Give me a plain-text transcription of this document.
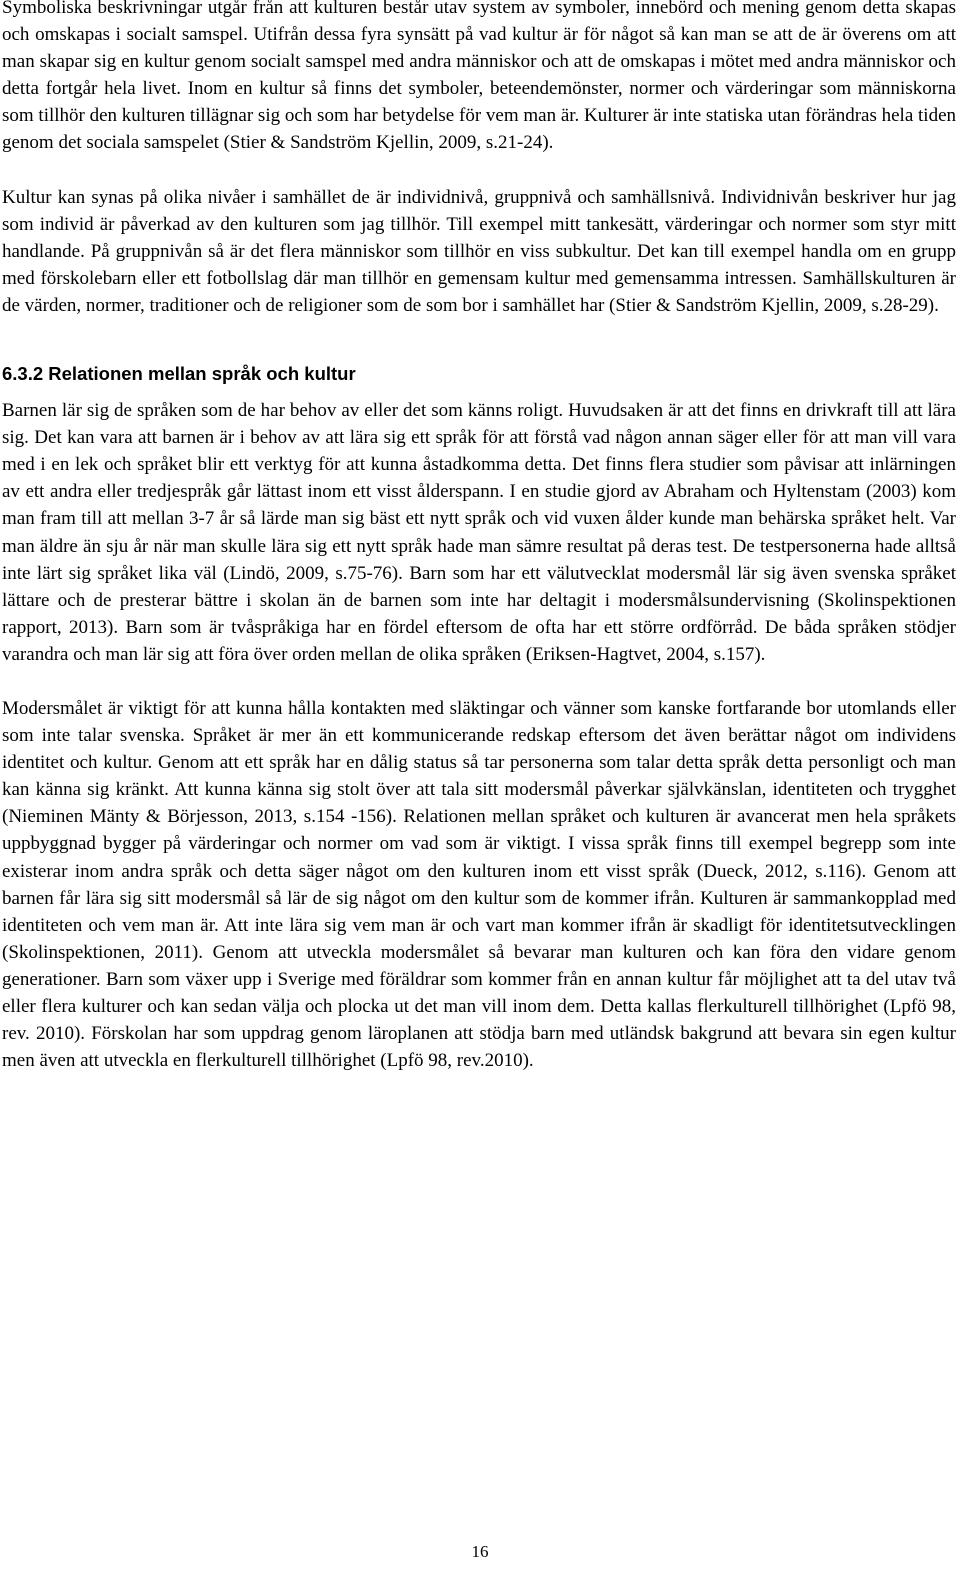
Symboliska beskrivningar utgår från att kulturen består utav system av symboler, innebörd och mening genom detta skapas och omskapas i socialt samspel. Utifrån dessa fyra synsätt på vad kultur är för något så kan man se att de är överens om att man skapar sig en kultur genom socialt samspel med andra människor och att de omskapas i mötet med andra människor och detta fortgår hela livet. Inom en kultur så finns det symboler, beteendemönster, normer och värderingar som människorna som tillhör den kulturen tillägnar sig och som har betydelse för vem man är. Kulturer är inte statiska utan förändras hela tiden genom det sociala samspelet (Stier & Sandström Kjellin, 2009, s.21-24).

Kultur kan synas på olika nivåer i samhället de är individnivå, gruppnivå och samhällsnivå. Individnivån beskriver hur jag som individ är påverkad av den kulturen som jag tillhör. Till exempel mitt tankesätt, värderingar och normer som styr mitt handlande. På gruppnivån så är det flera människor som tillhör en viss subkultur. Det kan till exempel handla om en grupp med förskolebarn eller ett fotbollslag där man tillhör en gemensam kultur med gemensamma intressen. Samhällskulturen är de värden, normer, traditioner och de religioner som de som bor i samhället har (Stier & Sandström Kjellin, 2009, s.28-29).

6.3.2 Relationen mellan språk och kultur

Barnen lär sig de språken som de har behov av eller det som känns roligt. Huvudsaken är att det finns en drivkraft till att lära sig. Det kan vara att barnen är i behov av att lära sig ett språk för att förstå vad någon annan säger eller för att man vill vara med i en lek och språket blir ett verktyg för att kunna åstadkomma detta. Det finns flera studier som påvisar att inlärningen av ett andra eller tredjespråk går lättast inom ett visst ålderspann. I en studie gjord av Abraham och Hyltenstam (2003) kom man fram till att mellan 3-7 år så lärde man sig bäst ett nytt språk och vid vuxen ålder kunde man behärska språket helt. Var man äldre än sju år när man skulle lära sig ett nytt språk hade man sämre resultat på deras test. De testpersonerna hade alltså inte lärt sig språket lika väl (Lindö, 2009, s.75-76). Barn som har ett välutvecklat modersmål lär sig även svenska språket lättare och de presterar bättre i skolan än de barnen som inte har deltagit i modersmålsundervisning (Skolinspektionen rapport, 2013). Barn som är tvåspråkiga har en fördel eftersom de ofta har ett större ordförråd. De båda språken stödjer varandra och man lär sig att föra över orden mellan de olika språken (Eriksen-Hagtvet, 2004, s.157).

Modersmålet är viktigt för att kunna hålla kontakten med släktingar och vänner som kanske fortfarande bor utomlands eller som inte talar svenska. Språket är mer än ett kommunicerande redskap eftersom det även berättar något om individens identitet och kultur. Genom att ett språk har en dålig status så tar personerna som talar detta språk detta personligt och man kan känna sig kränkt. Att kunna känna sig stolt över att tala sitt modersmål påverkar självkänslan, identiteten och trygghet (Nieminen Mänty & Börjesson, 2013, s.154 -156). Relationen mellan språket och kulturen är avancerat men hela språkets uppbyggnad bygger på värderingar och normer om vad som är viktigt. I vissa språk finns till exempel begrepp som inte existerar inom andra språk och detta säger något om den kulturen inom ett visst språk (Dueck, 2012, s.116). Genom att barnen får lära sig sitt modersmål så lär de sig något om den kultur som de kommer ifrån. Kulturen är sammankopplad med identiteten och vem man är. Att inte lära sig vem man är och vart man kommer ifrån är skadligt för identitetsutvecklingen (Skolinspektionen, 2011). Genom att utveckla modersmålet så bevarar man kulturen och kan föra den vidare genom generationer. Barn som växer upp i Sverige med föräldrar som kommer från en annan kultur får möjlighet att ta del utav två eller flera kulturer och kan sedan välja och plocka ut det man vill inom dem. Detta kallas flerkulturell tillhörighet (Lpfö 98, rev. 2010). Förskolan har som uppdrag genom läroplanen att stödja barn med utländsk bakgrund att bevara sin egen kultur men även att utveckla en flerkulturell tillhörighet (Lpfö 98, rev.2010).

16
